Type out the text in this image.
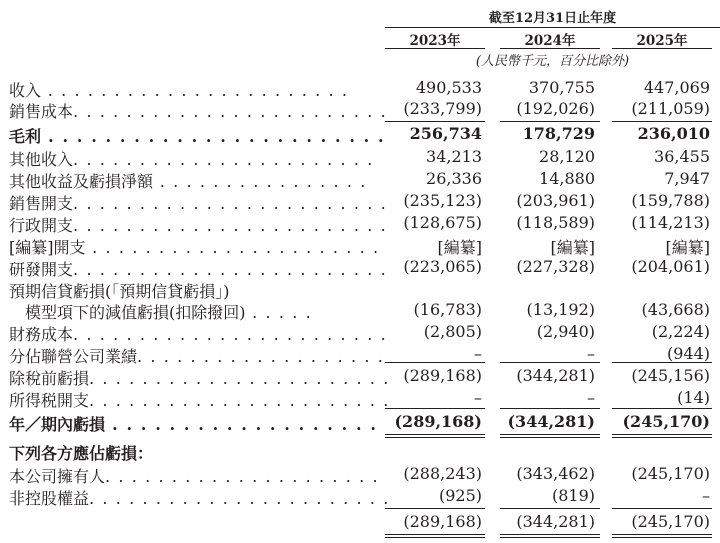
截至12月31日止年度
2023年	2024年	2025年
(人民幣千元，百分比除外)
收入 . . . . . . . . . . . . . . . . . . . . . . .	490,533	370,755	447,069
銷售成本. . . . . . . . . . . . . . . . . . . . . . . . (233,799) (192,026) (211,059)
毛利 . . . . . . . . . . . . . . . . . . . . . . . . 256,734	178,729	236,010
其他收入. . . . . . . . . . . . . . . . . . . . . . .	34,213	28,120	36,455
其他收益及虧損淨額 . . . . . . . . . . . . . . . .	26,336	14,880	7,947
銷售開支. . . . . . . . . . . . . . . . . . . . . . . . (235,123) (203,961) (159,788)
行政開支. . . . . . . . . . . . . . . . . . . . . . . . (128,675) (118,589) (114,213)
[編纂]開支 . . . . . . . . . . . . . . . . . . . . . .	[編纂]	[編纂]	[編纂]
研發開支. . . . . . . . . . . . . . . . . . . . . . . . (223,065) (227,328) (204,061)
預期信貸虧損(「預期信貸虧損」)
　模型項下的減值虧損(扣除撥回) . . . . .	(16,783)	(13,192)	(43,668)
財務成本. . . . . . . . . . . . . . . . . . . . . . . . (2,805)	(2,940)	(2,224)
分佔聯營公司業績. . . . . . . . . . . . . . . . . . .	–	–	(944)
除稅前虧損. . . . . . . . . . . . . . . . . . . . . . . (289,168) (344,281) (245,156)
所得税開支. . . . . . . . . . . . . . . . . . . . . . .	–	–	(14)
年／期內虧損 . . . . . . . . . . . . . . . . . . . (289,168) (344,281) (245,170)
下列各方應佔虧損：
本公司擁有人. . . . . . . . . . . . . . . . . . . . . (288,243) (343,462) (245,170)
非控股權益. . . . . . . . . . . . . . . . . . . . . . .	(925)	(819)	–
(289,168) (344,281) (245,170)
